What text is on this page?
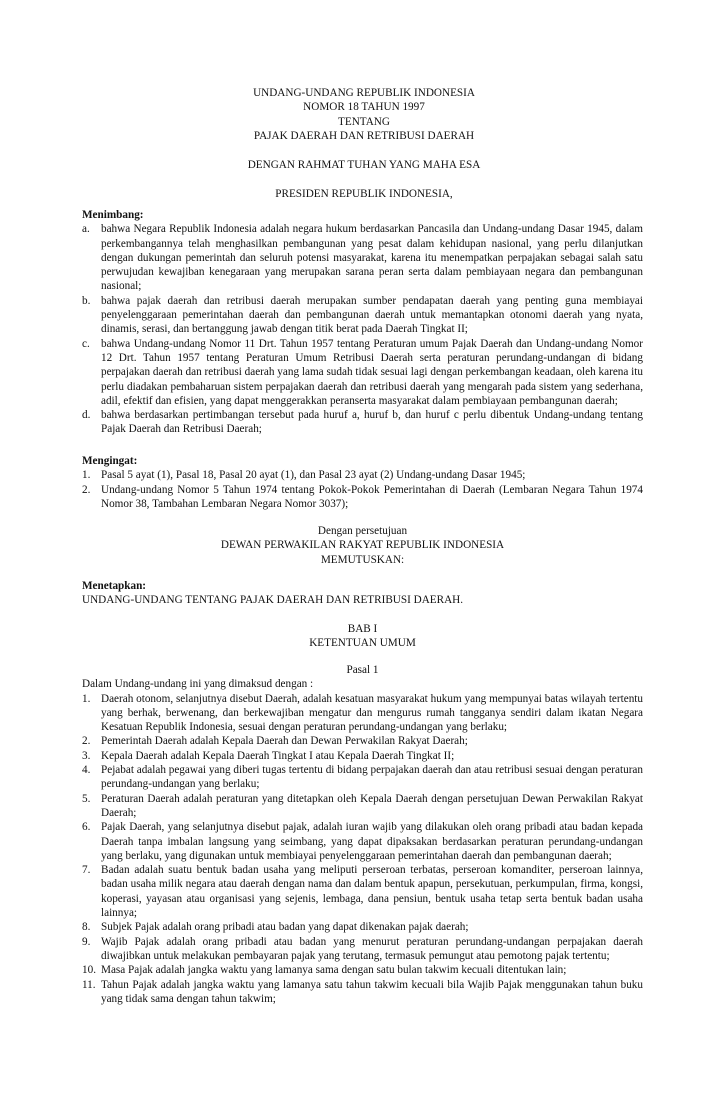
UNDANG-UNDANG REPUBLIK INDONESIA
NOMOR 18 TAHUN 1997
TENTANG
PAJAK DAERAH DAN RETRIBUSI DAERAH
DENGAN RAHMAT TUHAN YANG MAHA ESA
PRESIDEN REPUBLIK INDONESIA,
Menimbang:
a.	bahwa Negara Republik Indonesia adalah negara hukum berdasarkan Pancasila dan Undang-undang Dasar 1945, dalam perkembangannya telah menghasilkan pembangunan yang pesat dalam kehidupan nasional, yang perlu dilanjutkan dengan dukungan pemerintah dan seluruh potensi masyarakat, karena itu menempatkan perpajakan sebagai salah satu perwujudan kewajiban kenegaraan yang merupakan sarana peran serta dalam pembiayaan negara dan pembangunan nasional;
b. bahwa pajak daerah dan retribusi daerah merupakan sumber pendapatan daerah yang penting guna membiayai penyelenggaraan pemerintahan daerah dan pembangunan daerah untuk memantapkan otonomi daerah yang nyata, dinamis, serasi, dan bertanggung jawab dengan titik berat pada Daerah Tingkat II;
c.	bahwa Undang-undang Nomor 11 Drt. Tahun 1957 tentang Peraturan umum Pajak Daerah dan Undang-undang Nomor 12 Drt. Tahun 1957 tentang Peraturan Umum Retribusi Daerah serta peraturan perundang-undangan di bidang perpajakan daerah dan retribusi daerah yang lama sudah tidak sesuai lagi dengan perkembangan keadaan, oleh karena itu perlu diadakan pembaharuan sistem perpajakan daerah dan retribusi daerah yang mengarah pada sistem yang sederhana, adil, efektif dan efisien, yang dapat menggerakkan peranserta masyarakat dalam pembiayaan pembangunan daerah;
d. bahwa berdasarkan pertimbangan tersebut pada huruf a, huruf b, dan huruf c perlu dibentuk Undang-undang tentang Pajak Daerah dan Retribusi Daerah;
Mengingat:
1. Pasal 5 ayat (1), Pasal 18, Pasal 20 ayat (1), dan Pasal 23 ayat (2) Undang-undang Dasar 1945;
2. Undang-undang Nomor 5 Tahun 1974 tentang Pokok-Pokok Pemerintahan di Daerah (Lembaran Negara Tahun 1974 Nomor 38, Tambahan Lembaran Negara Nomor 3037);
Dengan persetujuan
DEWAN PERWAKILAN RAKYAT REPUBLIK INDONESIA
MEMUTUSKAN:
Menetapkan:
UNDANG-UNDANG TENTANG PAJAK DAERAH DAN RETRIBUSI DAERAH.
BAB I
KETENTUAN UMUM
Pasal 1
Dalam Undang-undang ini yang dimaksud dengan :
1. Daerah otonom, selanjutnya disebut Daerah, adalah kesatuan masyarakat hukum yang mempunyai batas wilayah tertentu yang berhak, berwenang, dan berkewajiban mengatur dan mengurus rumah tangganya sendiri dalam ikatan Negara Kesatuan Republik Indonesia, sesuai dengan peraturan perundang-undangan yang berlaku;
2. Pemerintah Daerah adalah Kepala Daerah dan Dewan Perwakilan Rakyat Daerah;
3. Kepala Daerah adalah Kepala Daerah Tingkat I atau Kepala Daerah Tingkat II;
4. Pejabat adalah pegawai yang diberi tugas tertentu di bidang perpajakan daerah dan atau retribusi sesuai dengan peraturan perundang-undangan yang berlaku;
5. Peraturan Daerah adalah peraturan yang ditetapkan oleh Kepala Daerah dengan persetujuan Dewan Perwakilan Rakyat Daerah;
6. Pajak Daerah, yang selanjutnya disebut pajak, adalah iuran wajib yang dilakukan oleh orang pribadi atau badan kepada Daerah tanpa imbalan langsung yang seimbang, yang dapat dipaksakan berdasarkan peraturan perundang-undangan yang berlaku, yang digunakan untuk membiayai penyelenggaraan pemerintahan daerah dan pembangunan daerah;
7. Badan adalah suatu bentuk badan usaha yang meliputi perseroan terbatas, perseroan komanditer, perseroan lainnya, badan usaha milik negara atau daerah dengan nama dan dalam bentuk apapun, persekutuan, perkumpulan, firma, kongsi, koperasi, yayasan atau organisasi yang sejenis, lembaga, dana pensiun, bentuk usaha tetap serta bentuk badan usaha lainnya;
8. Subjek Pajak adalah orang pribadi atau badan yang dapat dikenakan pajak daerah;
9. Wajib Pajak adalah orang pribadi atau badan yang menurut peraturan perundang-undangan perpajakan daerah diwajibkan untuk melakukan pembayaran pajak yang terutang, termasuk pemungut atau pemotong pajak tertentu;
10. Masa Pajak adalah jangka waktu yang lamanya sama dengan satu bulan takwim kecuali ditentukan lain;
11. Tahun Pajak adalah jangka waktu yang lamanya satu tahun takwim kecuali bila Wajib Pajak menggunakan tahun buku yang tidak sama dengan tahun takwim;
